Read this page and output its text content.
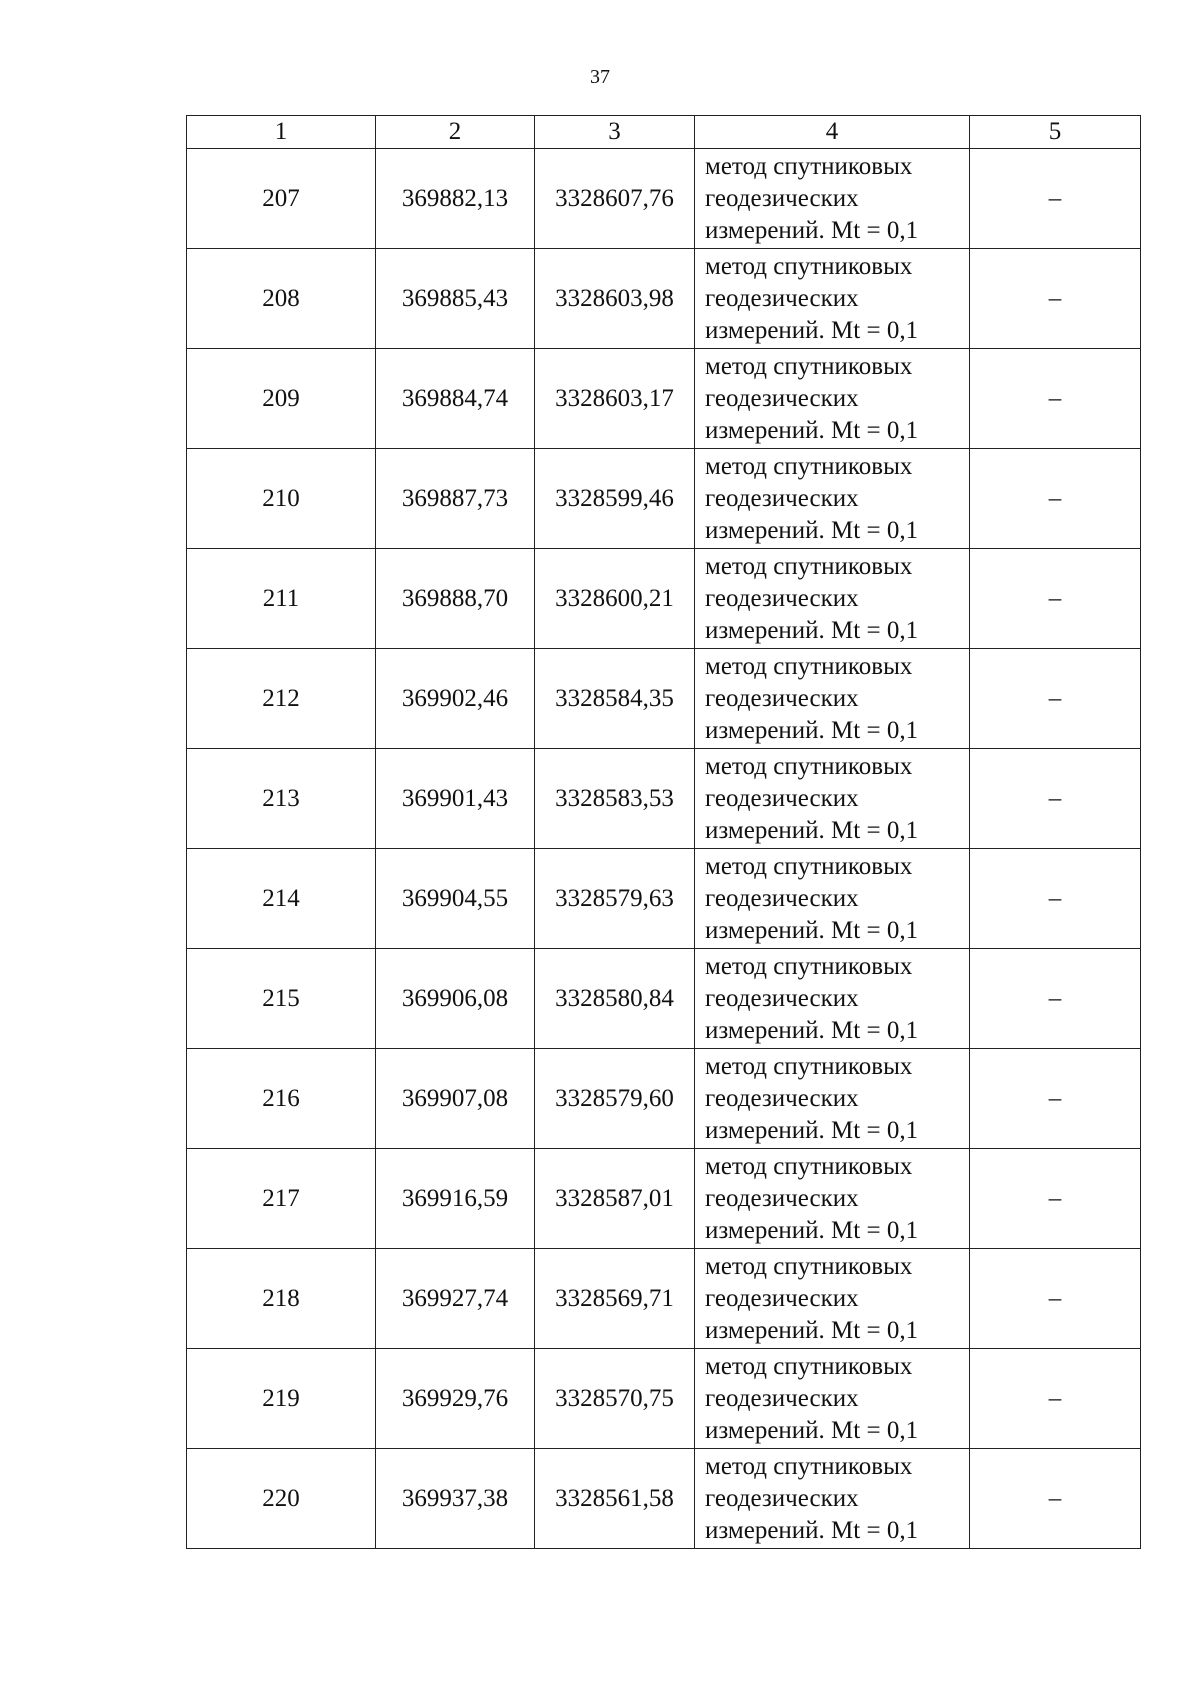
37
1	2	3	4	5
207	369882,13	3328607,76	метод спутниковых
геодезических
измерений. Mt = 0,1	–
208	369885,43	3328603,98	метод спутниковых
геодезических
измерений. Mt = 0,1	–
209	369884,74	3328603,17	метод спутниковых
геодезических
измерений. Mt = 0,1	–
210	369887,73	3328599,46	метод спутниковых
геодезических
измерений. Mt = 0,1	–
211	369888,70	3328600,21	метод спутниковых
геодезических
измерений. Mt = 0,1	–
212	369902,46	3328584,35	метод спутниковых
геодезических
измерений. Mt = 0,1	–
213	369901,43	3328583,53	метод спутниковых
геодезических
измерений. Mt = 0,1	–
214	369904,55	3328579,63	метод спутниковых
геодезических
измерений. Mt = 0,1	–
215	369906,08	3328580,84	метод спутниковых
геодезических
измерений. Mt = 0,1	–
216	369907,08	3328579,60	метод спутниковых
геодезических
измерений. Mt = 0,1	–
217	369916,59	3328587,01	метод спутниковых
геодезических
измерений. Mt = 0,1	–
218	369927,74	3328569,71	метод спутниковых
геодезических
измерений. Mt = 0,1	–
219	369929,76	3328570,75	метод спутниковых
геодезических
измерений. Mt = 0,1	–
220	369937,38	3328561,58	метод спутниковых
геодезических
измерений. Mt = 0,1	–
